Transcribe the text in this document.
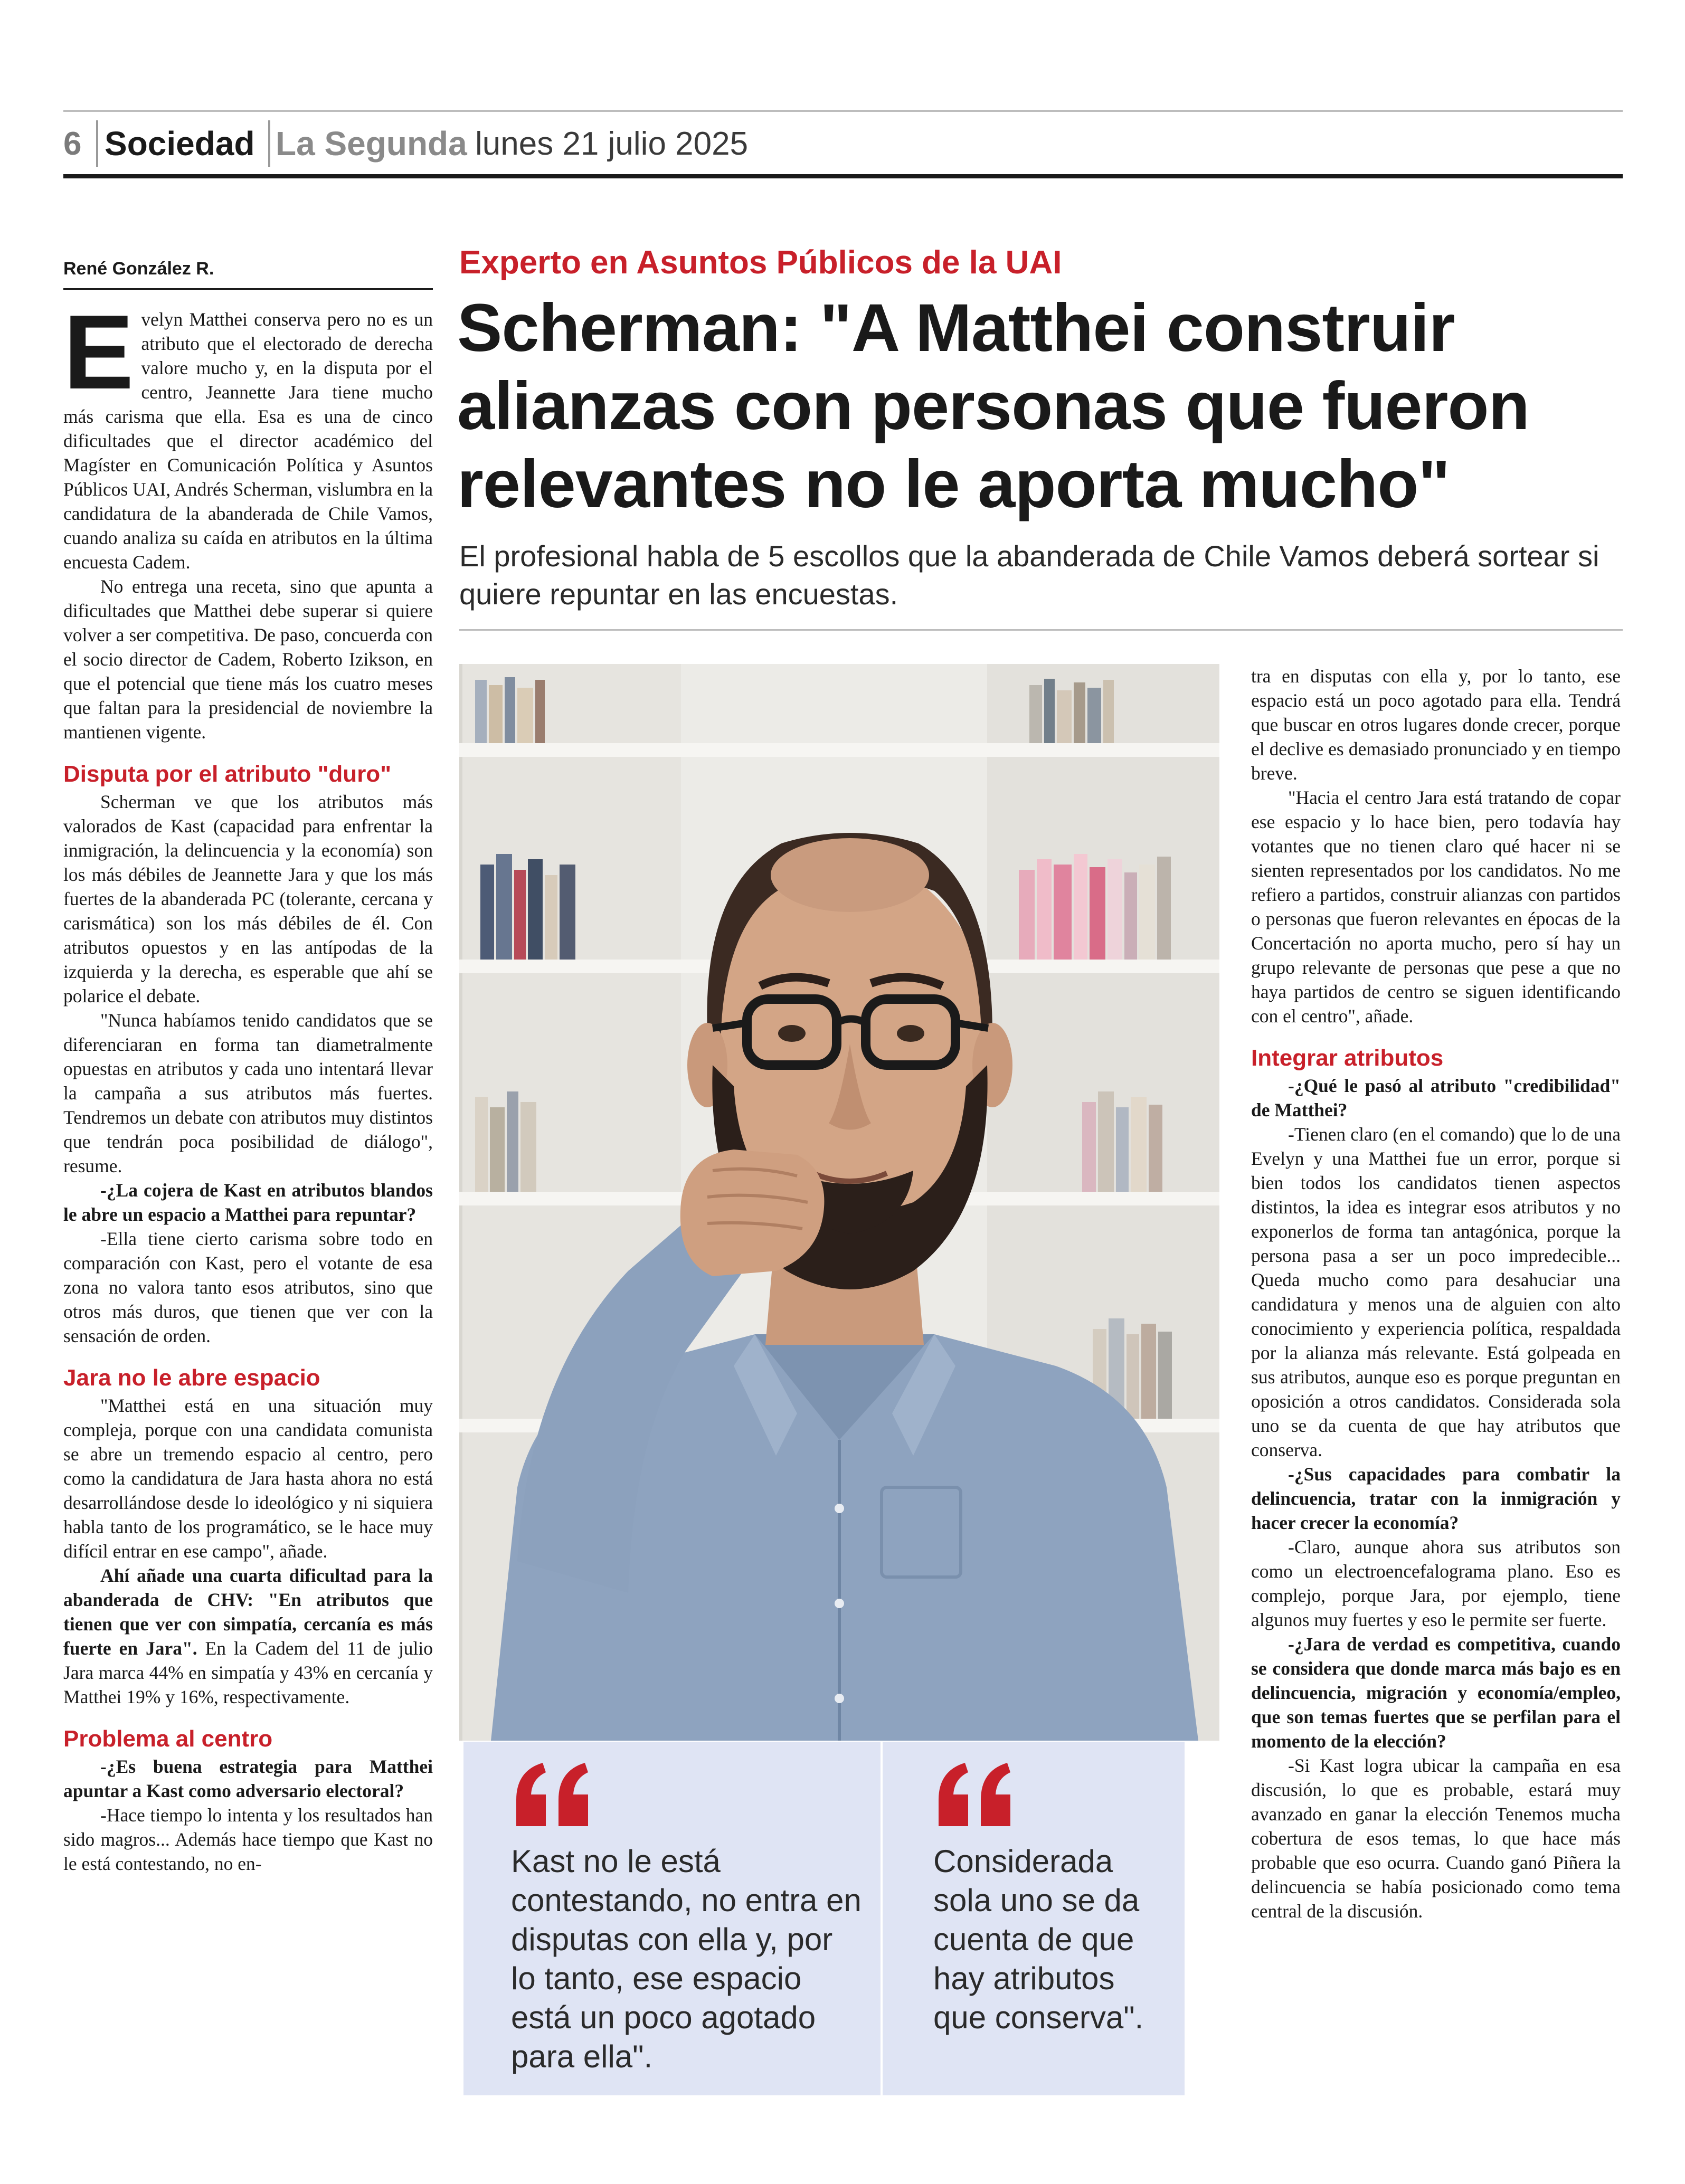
6 Sociedad La Segunda lunes 21 julio 2025
René González R.
E velyn Matthei conserva pero no es un atributo que el electorado de derecha valore mucho y, en la disputa por el centro, Jeannette Jara tiene mucho más carisma que ella. Esa es una de cinco dificultades que el director académico del Magíster en Comunicación Política y Asuntos Públicos UAI, Andrés Scherman, vislumbra en la candidatura de la abanderada de Chile Vamos, cuando analiza su caída en atributos en la última encuesta Cadem.

No entrega una receta, sino que apunta a dificultades que Matthei debe superar si quiere volver a ser competitiva. De paso, concuerda con el socio director de Cadem, Roberto Izikson, en que el potencial que tiene más los cuatro meses que faltan para la presidencial de noviembre la mantienen vigente.

Disputa por el atributo "duro"

Scherman ve que los atributos más valorados de Kast (capacidad para enfrentar la inmigración, la delincuencia y la economía) son los más débiles de Jeannette Jara y que los más fuertes de la abanderada PC (tolerante, cercana y carismática) son los más débiles de él. Con atributos opuestos y en las antípodas de la izquierda y la derecha, es esperable que ahí se polarice el debate.

"Nunca habíamos tenido candidatos que se diferenciaran en forma tan diametralmente opuestas en atributos y cada uno intentará llevar la campaña a sus atributos más fuertes. Tendremos un debate con atributos muy distintos que tendrán poca posibilidad de diálogo", resume.

-¿La cojera de Kast en atributos blandos le abre un espacio a Matthei para repuntar?

-Ella tiene cierto carisma sobre todo en comparación con Kast, pero el votante de esa zona no valora tanto esos atributos, sino que otros más duros, que tienen que ver con la sensación de orden.

Jara no le abre espacio

"Matthei está en una situación muy compleja, porque con una candidata comunista se abre un tremendo espacio al centro, pero como la candidatura de Jara hasta ahora no está desarrollándose desde lo ideológico y ni siquiera habla tanto de los programático, se le hace muy difícil entrar en ese campo", añade.

Ahí añade una cuarta dificultad para la abanderada de CHV: "En atributos que tienen que ver con simpatía, cercanía es más fuerte en Jara". En la Cadem del 11 de julio Jara marca 44% en simpatía y 43% en cercanía y Matthei 19% y 16%, respectivamente.

Problema al centro

-¿Es buena estrategia para Matthei apuntar a Kast como adversario electoral?

-Hace tiempo lo intenta y los resultados han sido magros... Además hace tiempo que Kast no le está contestando, no en-

Experto en Asuntos Públicos de la UAI
Scherman: "A Matthei construir alianzas con personas que fueron relevantes no le aporta mucho"
El profesional habla de 5 escollos que la abanderada de Chile Vamos deberá sortear si quiere repuntar en las encuestas.
Kast no le está contestando, no entra en disputas con ella y, por lo tanto, ese espacio está un poco agotado para ella".
Considerada sola uno se da cuenta de que hay atributos que conserva".

tra en disputas con ella y, por lo tanto, ese espacio está un poco agotado para ella. Tendrá que buscar en otros lugares donde crecer, porque el declive es demasiado pronunciado y en tiempo breve.

"Hacia el centro Jara está tratando de copar ese espacio y lo hace bien, pero todavía hay votantes que no tienen claro qué hacer ni se sienten representados por los candidatos. No me refiero a partidos, construir alianzas con partidos o personas que fueron relevantes en épocas de la Concertación no aporta mucho, pero sí hay un grupo relevante de personas que pese a que no haya partidos de centro se siguen identificando con el centro", añade.

Integrar atributos

-¿Qué le pasó al atributo "credibilidad" de Matthei?

-Tienen claro (en el comando) que lo de una Evelyn y una Matthei fue un error, porque si bien todos los candidatos tienen aspectos distintos, la idea es integrar esos atributos y no exponerlos de forma tan antagónica, porque la persona pasa a ser un poco impredecible... Queda mucho como para desahuciar una candidatura y menos una de alguien con alto conocimiento y experiencia política, respaldada por la alianza más relevante. Está golpeada en sus atributos, aunque eso es porque preguntan en oposición a otros candidatos. Considerada sola uno se da cuenta de que hay atributos que conserva.

-¿Sus capacidades para combatir la delincuencia, tratar con la inmigración y hacer crecer la economía?

-Claro, aunque ahora sus atributos son como un electroencefalograma plano. Eso es complejo, porque Jara, por ejemplo, tiene algunos muy fuertes y eso le permite ser fuerte.

-¿Jara de verdad es competitiva, cuando se considera que donde marca más bajo es en delincuencia, migración y economía/empleo, que son temas fuertes que se perfilan para el momento de la elección?

-Si Kast logra ubicar la campaña en esa discusión, lo que es probable, estará muy avanzado en ganar la elección Tenemos mucha cobertura de esos temas, lo que hace más probable que eso ocurra. Cuando ganó Piñera la delincuencia se había posicionado como tema central de la discusión.
